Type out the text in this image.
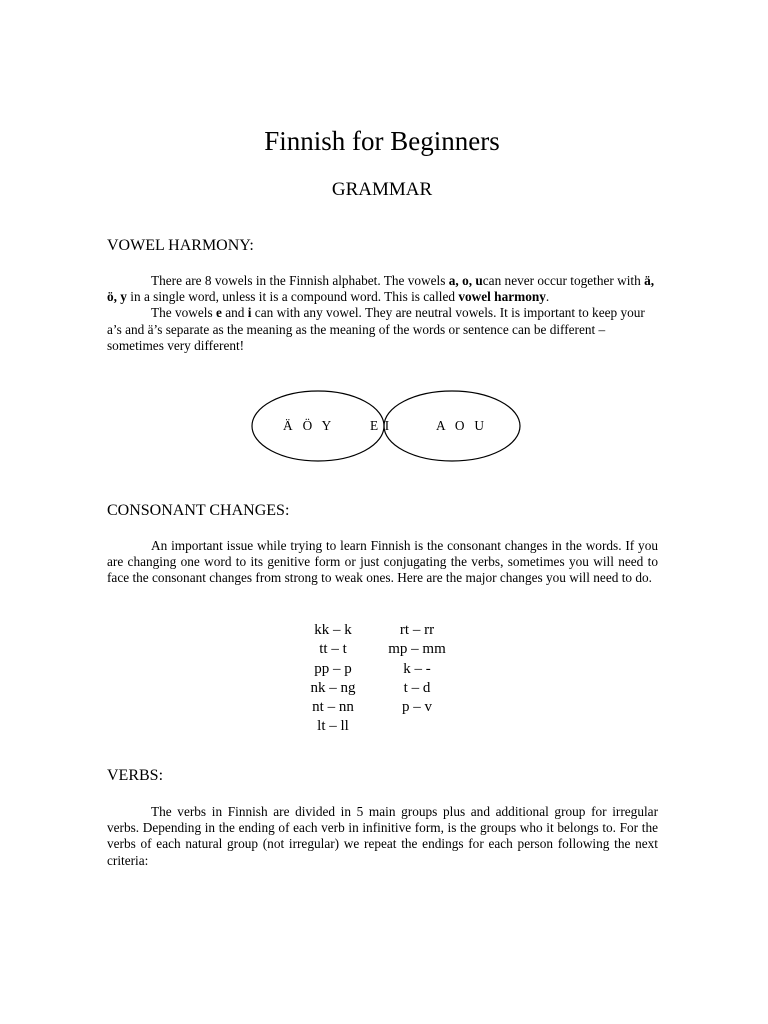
Finnish for Beginners
GRAMMAR
VOWEL HARMONY:

There are 8 vowels in the Finnish alphabet. The vowels a, o, ucan never occur together with ä, ö, y in a single word, unless it is a compound word. This is called vowel harmony.

The vowels e and i can with any vowel. They are neutral vowels. It is important to keep your a’s and ä’s separate as the meaning as the meaning of the words or sentence can be different – sometimes very different!

Ä   Ö   Y	E  I	A   O   U
CONSONANT CHANGES:

An important issue while trying to learn Finnish is the consonant changes in the words. If you are changing one word to its genitive form or just conjugating the verbs, sometimes you will need to face the consonant changes from strong to weak ones. Here are the major changes you will need to do.

kk – k
tt – t
pp – p
nk – ng
nt – nn
lt – ll
rt – rr
mp – mm
k – -
t – d
p – v
VERBS:

The verbs in Finnish are divided in 5 main groups plus and additional group for irregular verbs. Depending in the ending of each verb in infinitive form, is the groups who it belongs to. For the verbs of each natural group (not irregular) we repeat the endings for each person following the next criteria:
